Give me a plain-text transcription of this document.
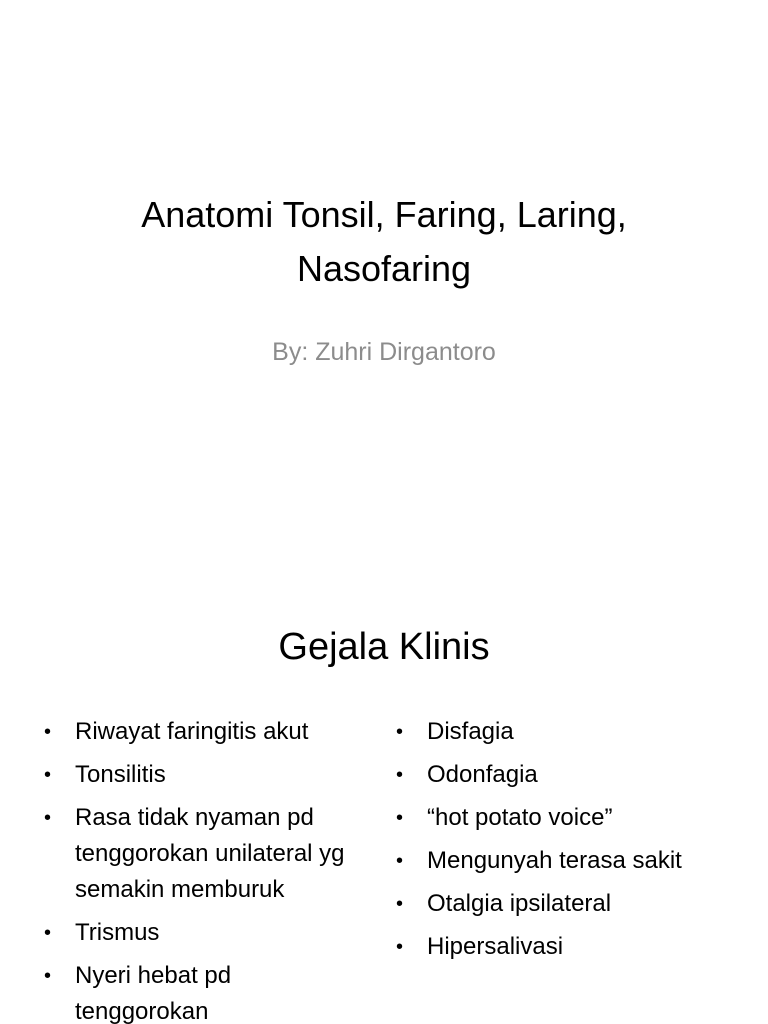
Anatomi Tonsil, Faring, Laring,
Nasofaring

By: Zuhri Dirgantoro

Gejala Klinis
• Riwayat faringitis akut
• Tonsilitis
• Rasa tidak nyaman pd tenggorokan unilateral yg semakin memburuk
• Trismus
• Nyeri hebat pd tenggorokan
• Disfagia
• Odonfagia
• “hot potato voice”
• Mengunyah terasa sakit
• Otalgia ipsilateral
• Hipersalivasi
